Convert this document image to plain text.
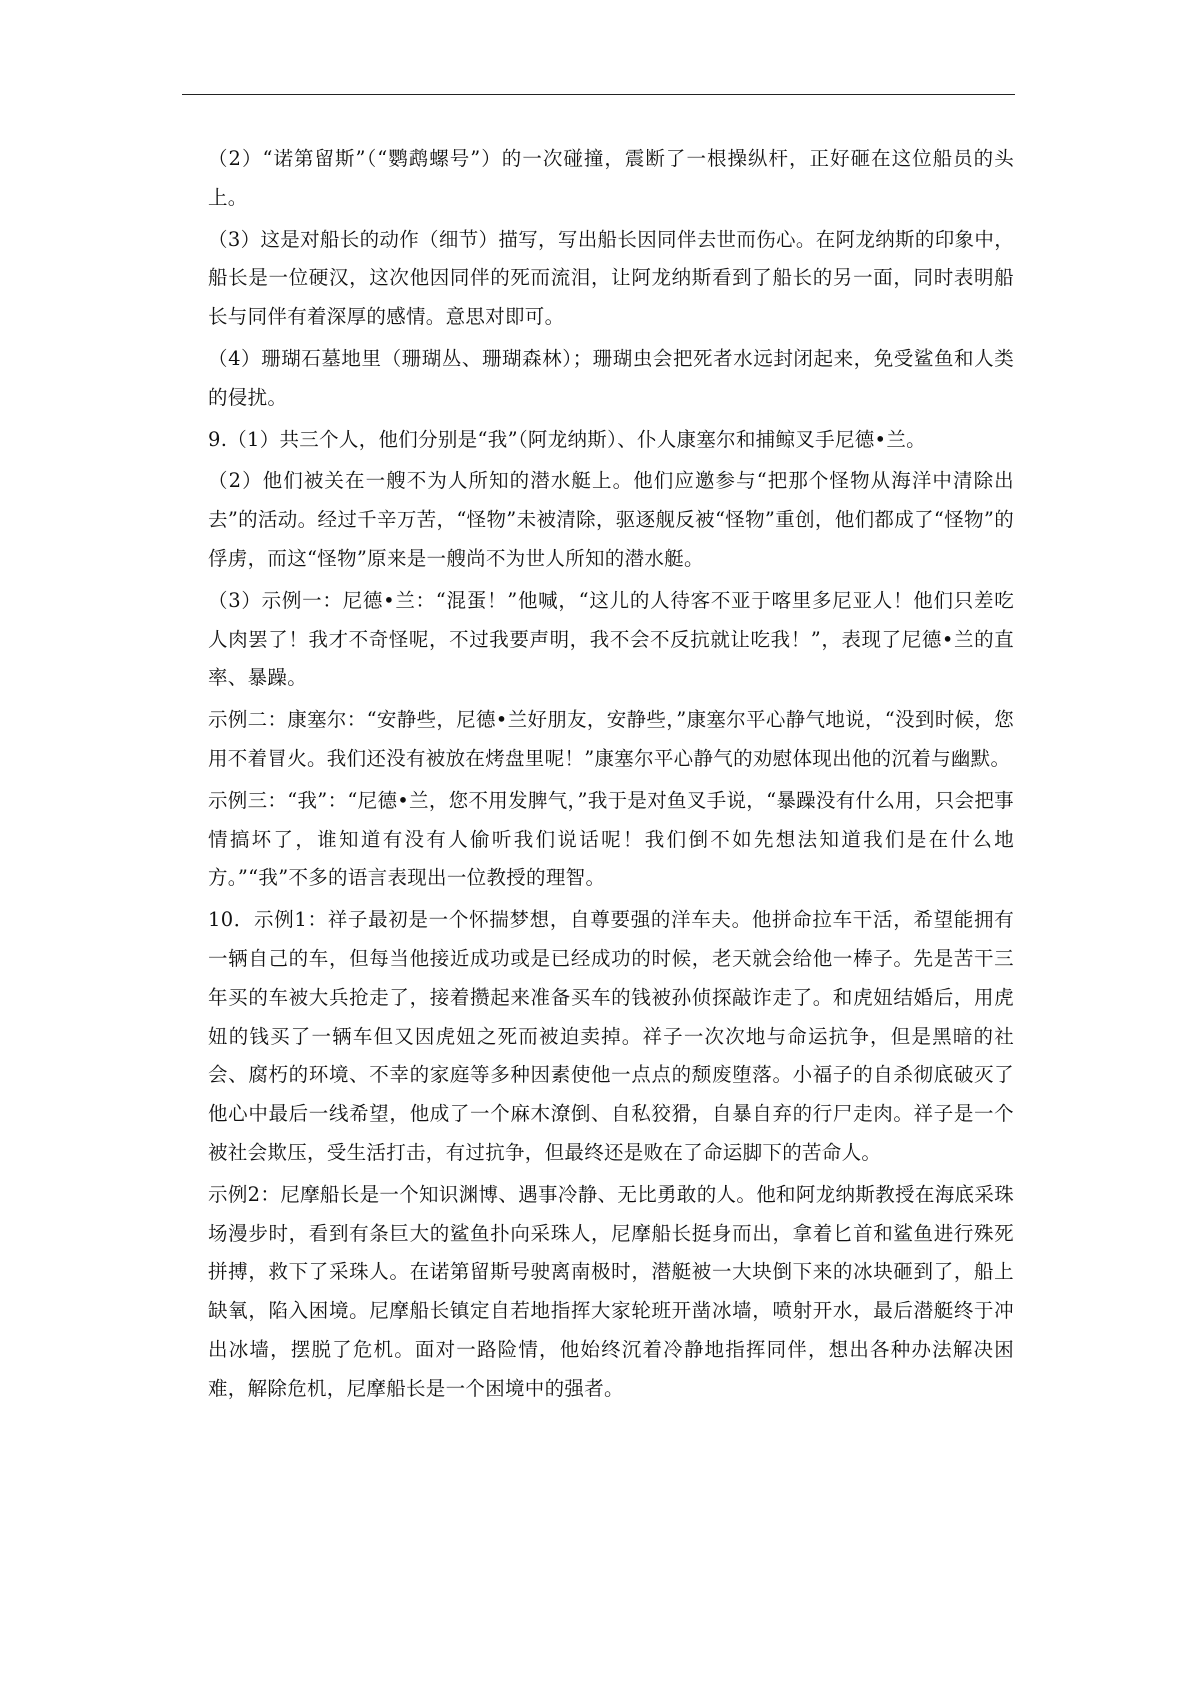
（2）“诺第留斯”（“鹦鹉螺号”）的一次碰撞，震断了一根操纵杆，正好砸在这位船员的头上。

（3）这是对船长的动作（细节）描写，写出船长因同伴去世而伤心。在阿龙纳斯的印象中，船长是一位硬汉，这次他因同伴的死而流泪，让阿龙纳斯看到了船长的另一面，同时表明船长与同伴有着深厚的感情。意思对即可。

（4）珊瑚石墓地里（珊瑚丛、珊瑚森林）；珊瑚虫会把死者水远封闭起来，免受鲨鱼和人类的侵扰。

9.（1）共三个人，他们分别是“我”（阿龙纳斯）、仆人康塞尔和捕鲸叉手尼德•兰。

（2）他们被关在一艘不为人所知的潜水艇上。他们应邀参与“把那个怪物从海洋中清除出去”的活动。经过千辛万苦，“怪物”未被清除，驱逐舰反被“怪物”重创，他们都成了“怪物”的俘虏，而这“怪物”原来是一艘尚不为世人所知的潜水艇。

（3）示例一：尼德•兰：“混蛋！”他喊，“这儿的人待客不亚于喀里多尼亚人！他们只差吃人肉罢了！我才不奇怪呢，不过我要声明，我不会不反抗就让吃我！”，表现了尼德•兰的直率、暴躁。

示例二：康塞尔：“安静些，尼德•兰好朋友，安静些，”康塞尔平心静气地说，“没到时候，您用不着冒火。我们还没有被放在烤盘里呢！”康塞尔平心静气的劝慰体现出他的沉着与幽默。

示例三：“我”：“尼德•兰，您不用发脾气，”我于是对鱼叉手说，“暴躁没有什么用，只会把事情搞坏了，谁知道有没有人偷听我们说话呢！我们倒不如先想法知道我们是在什么地方。”“我”不多的语言表现出一位教授的理智。

10．示例1：祥子最初是一个怀揣梦想，自尊要强的洋车夫。他拼命拉车干活，希望能拥有一辆自己的车，但每当他接近成功或是已经成功的时候，老天就会给他一棒子。先是苦干三年买的车被大兵抢走了，接着攒起来准备买车的钱被孙侦探敲诈走了。和虎妞结婚后，用虎妞的钱买了一辆车但又因虎妞之死而被迫卖掉。祥子一次次地与命运抗争，但是黑暗的社会、腐朽的环境、不幸的家庭等多种因素使他一点点的颓废堕落。小福子的自杀彻底破灭了他心中最后一线希望，他成了一个麻木潦倒、自私狡猾，自暴自弃的行尸走肉。祥子是一个被社会欺压，受生活打击，有过抗争，但最终还是败在了命运脚下的苦命人。

示例2：尼摩船长是一个知识渊博、遇事冷静、无比勇敢的人。他和阿龙纳斯教授在海底采珠场漫步时，看到有条巨大的鲨鱼扑向采珠人，尼摩船长挺身而出，拿着匕首和鲨鱼进行殊死拼搏，救下了采珠人。在诺第留斯号驶离南极时，潜艇被一大块倒下来的冰块砸到了，船上缺氧，陷入困境。尼摩船长镇定自若地指挥大家轮班开凿冰墙，喷射开水，最后潜艇终于冲出冰墙，摆脱了危机。面对一路险情，他始终沉着冷静地指挥同伴，想出各种办法解决困难，解除危机，尼摩船长是一个困境中的强者。
